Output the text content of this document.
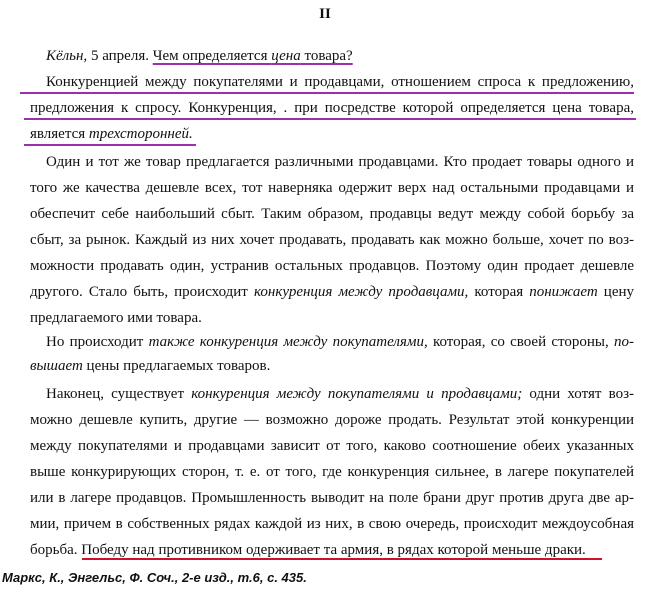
II
Кёльн, 5 апреля. Чем определяется цена товара?
Конкуренцией между покупателями и продавцами, отношением спроса к предложению,
предложения к спросу. Конкуренция, . при посредстве которой определяется цена товара,
является трехсторонней.
Один и тот же товар предлагается различными продавцами. Кто продает товары одного и
того же качества дешевле всех, тот наверняка одержит верх над остальными продавцами и
обеспечит себе наибольший сбыт. Таким образом, продавцы ведут между собой борьбу за
сбыт, за рынок. Каждый из них хочет продавать, продавать как можно больше, хочет по воз-
можности продавать один, устранив остальных продавцов. Поэтому один продает дешевле
другого. Стало быть, происходит конкуренция между продавцами, которая понижает цену
предлагаемого ими товара.
Но происходит также конкуренция между покупателями, которая, со своей стороны, по-
вышает цены предлагаемых товаров.
Наконец, существует конкуренция между покупателями и продавцами; одни хотят воз-
можно дешевле купить, другие — возможно дороже продать. Результат этой конкуренции
между покупателями и продавцами зависит от того, каково соотношение обеих указанных
выше конкурирующих сторон, т. е. от того, где конкуренция сильнее, в лагере покупателей
или в лагере продавцов. Промышленность выводит на поле брани друг против друга две ар-
мии, причем в собственных рядах каждой из них, в свою очередь, происходит междоусобная
борьба. Победу над противником одерживает та армия, в рядах которой меньше драки.
Маркс, К., Энгельс, Ф. Соч., 2-е изд., т.6, с. 435.
